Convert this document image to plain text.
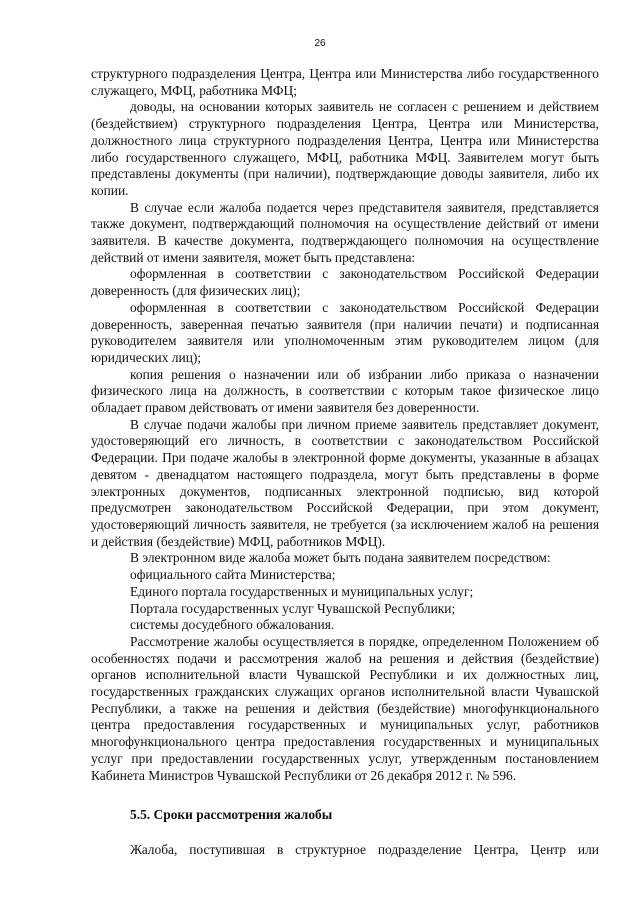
26

структурного подразделения Центра, Центра или Министерства либо государственного служащего, МФЦ, работника МФЦ;

доводы, на основании которых заявитель не согласен с решением и действием (бездействием) структурного подразделения Центра, Центра или Министерства, должностного лица структурного подразделения Центра, Центра или Министерства либо государственного служащего, МФЦ, работника МФЦ. Заявителем могут быть представлены документы (при наличии), подтверждающие доводы заявителя, либо их копии.

В случае если жалоба подается через представителя заявителя, представляется также документ, подтверждающий полномочия на осуществление действий от имени заявителя. В качестве документа, подтверждающего полномочия на осуществление действий от имени заявителя, может быть представлена:

оформленная в соответствии с законодательством Российской Федерации доверенность (для физических лиц);

оформленная в соответствии с законодательством Российской Федерации доверенность, заверенная печатью заявителя (при наличии печати) и подписанная руководителем заявителя или уполномоченным этим руководителем лицом (для юридических лиц);

копия решения о назначении или об избрании либо приказа о назначении физического лица на должность, в соответствии с которым такое физическое лицо обладает правом действовать от имени заявителя без доверенности.

В случае подачи жалобы при личном приеме заявитель представляет документ, удостоверяющий его личность, в соответствии с законодательством Российской Федерации. При подаче жалобы в электронной форме документы, указанные в абзацах девятом - двенадцатом настоящего подраздела, могут быть представлены в форме электронных документов, подписанных электронной подписью, вид которой предусмотрен законодательством Российской Федерации, при этом документ, удостоверяющий личность заявителя, не требуется (за исключением жалоб на решения и действия (бездействие) МФЦ, работников МФЦ).

В электронном виде жалоба может быть подана заявителем посредством:

официального сайта Министерства;

Единого портала государственных и муниципальных услуг;

Портала государственных услуг Чувашской Республики;

системы досудебного обжалования.

Рассмотрение жалобы осуществляется в порядке, определенном Положением об особенностях подачи и рассмотрения жалоб на решения и действия (бездействие) органов исполнительной власти Чувашской Республики и их должностных лиц, государственных гражданских служащих органов исполнительной власти Чувашской Республики, а также на решения и действия (бездействие) многофункционального центра предоставления государственных и муниципальных услуг, работников многофункционального центра предоставления государственных и муниципальных услуг при предоставлении государственных услуг, утвержденным постановлением Кабинета Министров Чувашской Республики от 26 декабря 2012 г. № 596.

5.5. Сроки рассмотрения жалобы

Жалоба, поступившая в структурное подразделение Центра, Центр или
